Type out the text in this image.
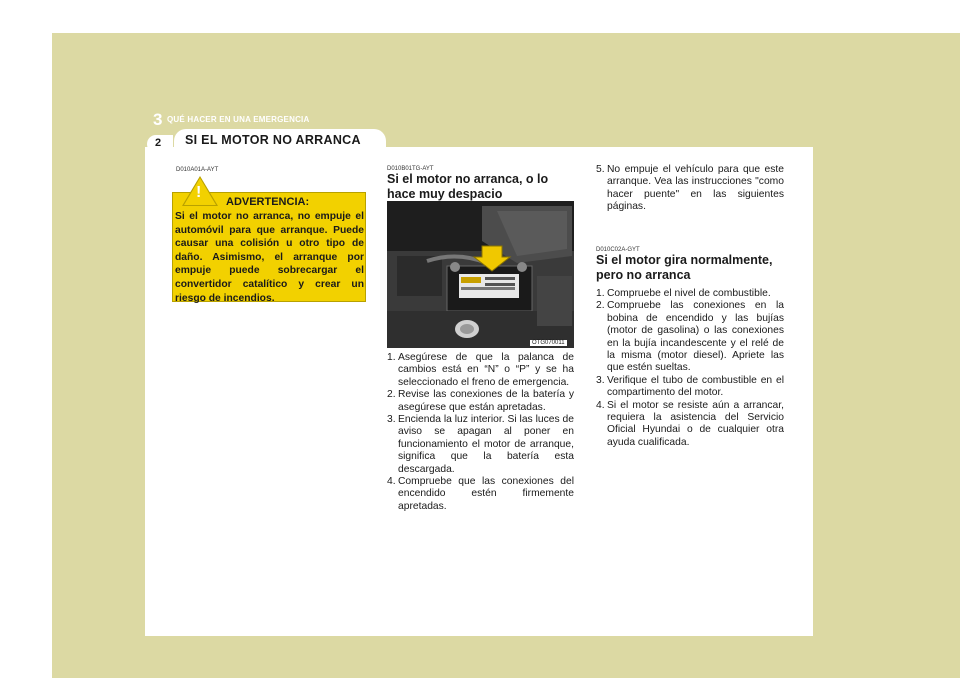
3 QUÉ HACER EN UNA EMERGENCIA
2 SI EL MOTOR NO ARRANCA
D010A01A-AYT
!
ADVERTENCIA:
Si el motor no arranca, no empuje el automóvil para que arranque. Puede causar una colisión u otro tipo de daño. Asimismo, el arranque por empuje puede sobrecargar el convertidor catalítico y crear un riesgo de incendios.
D010B01TG-AYT
Si el motor no arranca, o lo hace muy despacio
OTG070011
1. Asegúrese de que la palanca de cambios está en “N” o “P” y se ha seleccionado el freno de emergencia.
2. Revise las conexiones de la batería y asegúrese que están apretadas.
3. Encienda la luz interior. Si las luces de aviso se apagan al poner en funcionamiento el motor de arranque, significa que la batería esta descargada.
4. Compruebe que las conexiones del encendido estén firmemente apretadas.
5. No empuje el vehículo para que este arranque. Vea las instrucciones "como hacer puente" en las siguientes páginas.
D010C02A-GYT
Si el motor gira normalmente, pero no arranca
1. Compruebe el nivel de combustible.
2. Compruebe las conexiones en la bobina de encendido y las bujías (motor de gasolina) o las conexiones en la bujía incandescente y el relé de la misma (motor diesel). Apriete las que estén sueltas.
3. Verifique el tubo de combustible en el compartimento del motor.
4. Si el motor se resiste aún a arrancar, requiera la asistencia del Servicio Oficial Hyundai o de cualquier otra ayuda cualificada.
